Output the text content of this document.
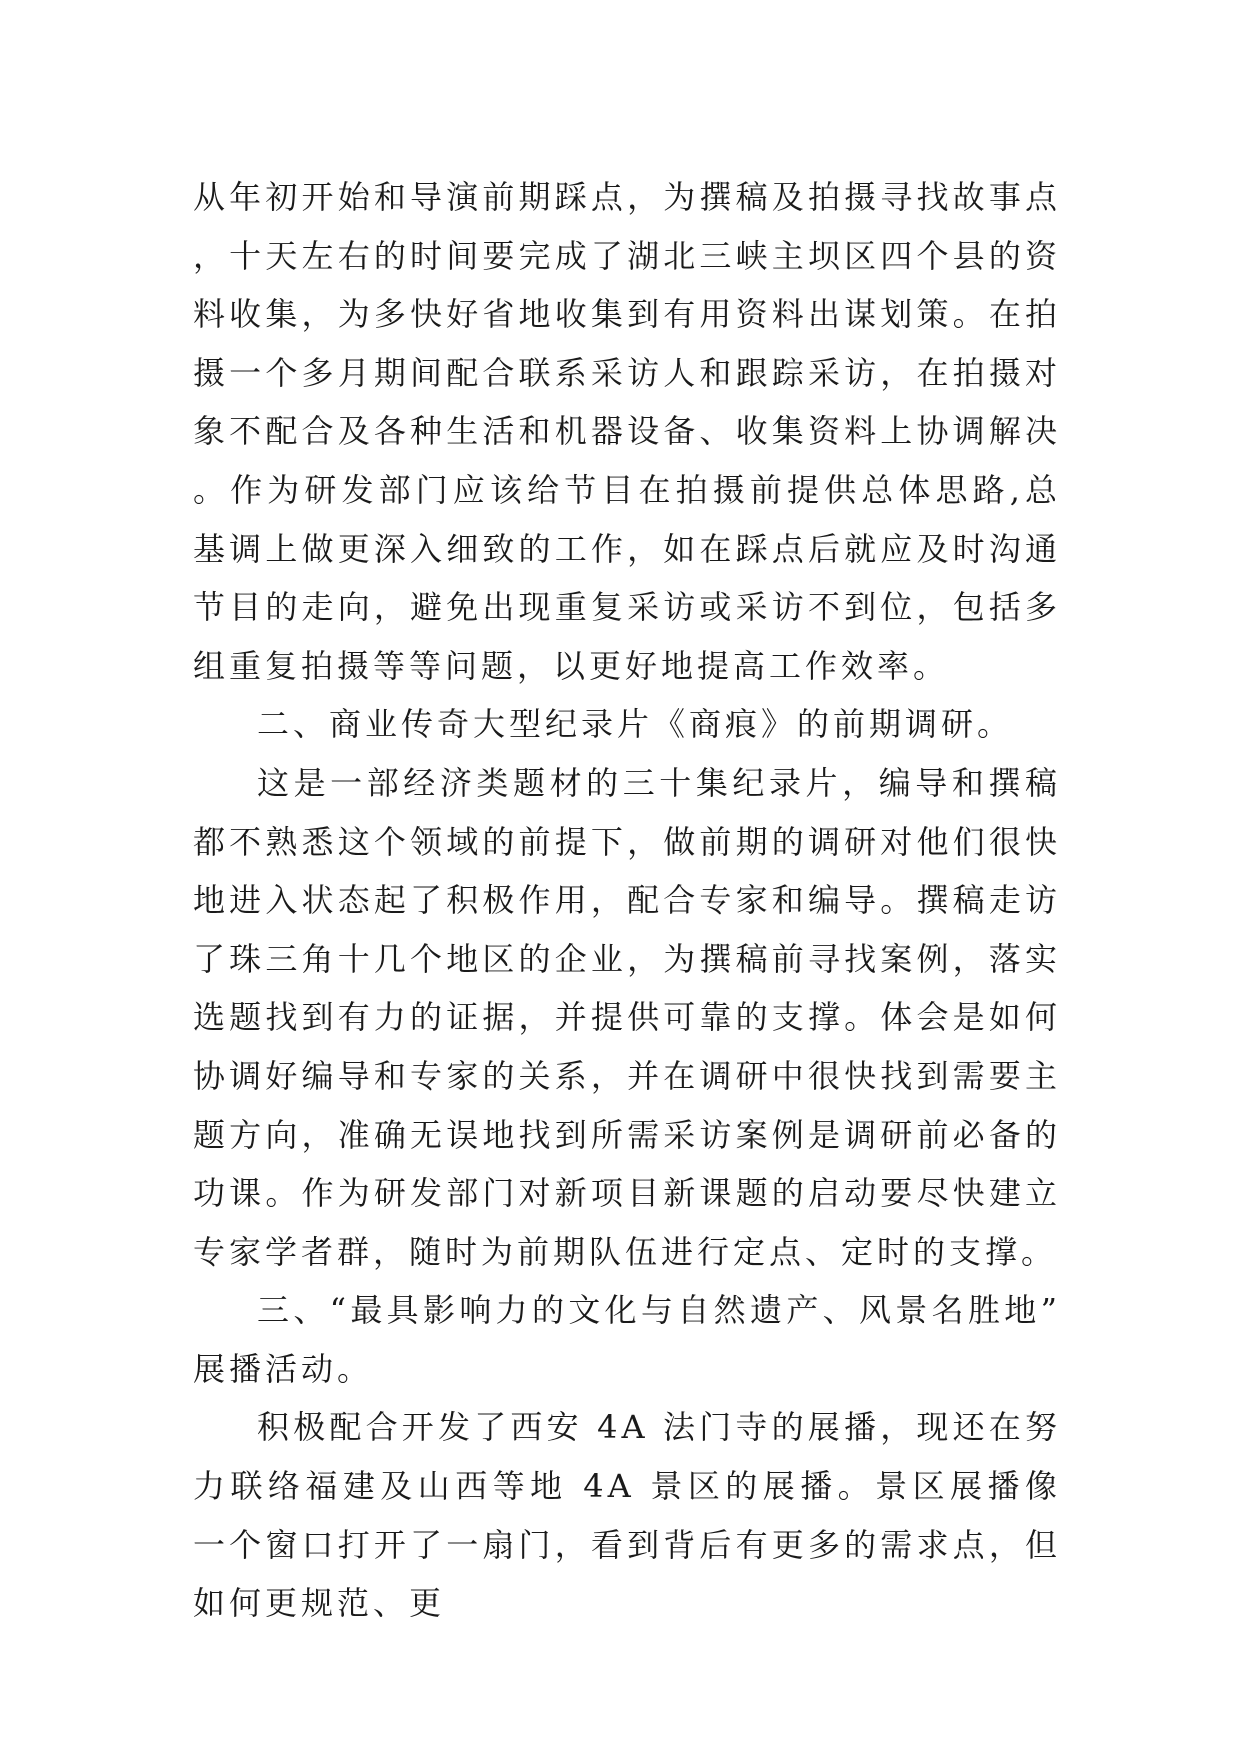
从年初开始和导演前期踩点，为撰稿及拍摄寻找故事点，十天左右的时间要完成了湖北三峡主坝区四个县的资料收集，为多快好省地收集到有用资料出谋划策。在拍摄一个多月期间配合联系采访人和跟踪采访，在拍摄对象不配合及各种生活和机器设备、收集资料上协调解决。作为研发部门应该给节目在拍摄前提供总体思路,总基调上做更深入细致的工作，如在踩点后就应及时沟通节目的走向，避免出现重复采访或采访不到位，包括多组重复拍摄等等问题，以更好地提高工作效率。

二、商业传奇大型纪录片《商痕》的前期调研。

这是一部经济类题材的三十集纪录片，编导和撰稿都不熟悉这个领域的前提下，做前期的调研对他们很快地进入状态起了积极作用，配合专家和编导。撰稿走访了珠三角十几个地区的企业，为撰稿前寻找案例，落实选题找到有力的证据，并提供可靠的支撑。体会是如何协调好编导和专家的关系，并在调研中很快找到需要主题方向，准确无误地找到所需采访案例是调研前必备的功课。作为研发部门对新项目新课题的启动要尽快建立专家学者群，随时为前期队伍进行定点、定时的支撑。

三、“最具影响力的文化与自然遗产、风景名胜地”展播活动。

积极配合开发了西安 4A 法门寺的展播，现还在努力联络福建及山西等地 4A 景区的展播。景区展播像一个窗口打开了一扇门，看到背后有更多的需求点，但如何更规范、更
